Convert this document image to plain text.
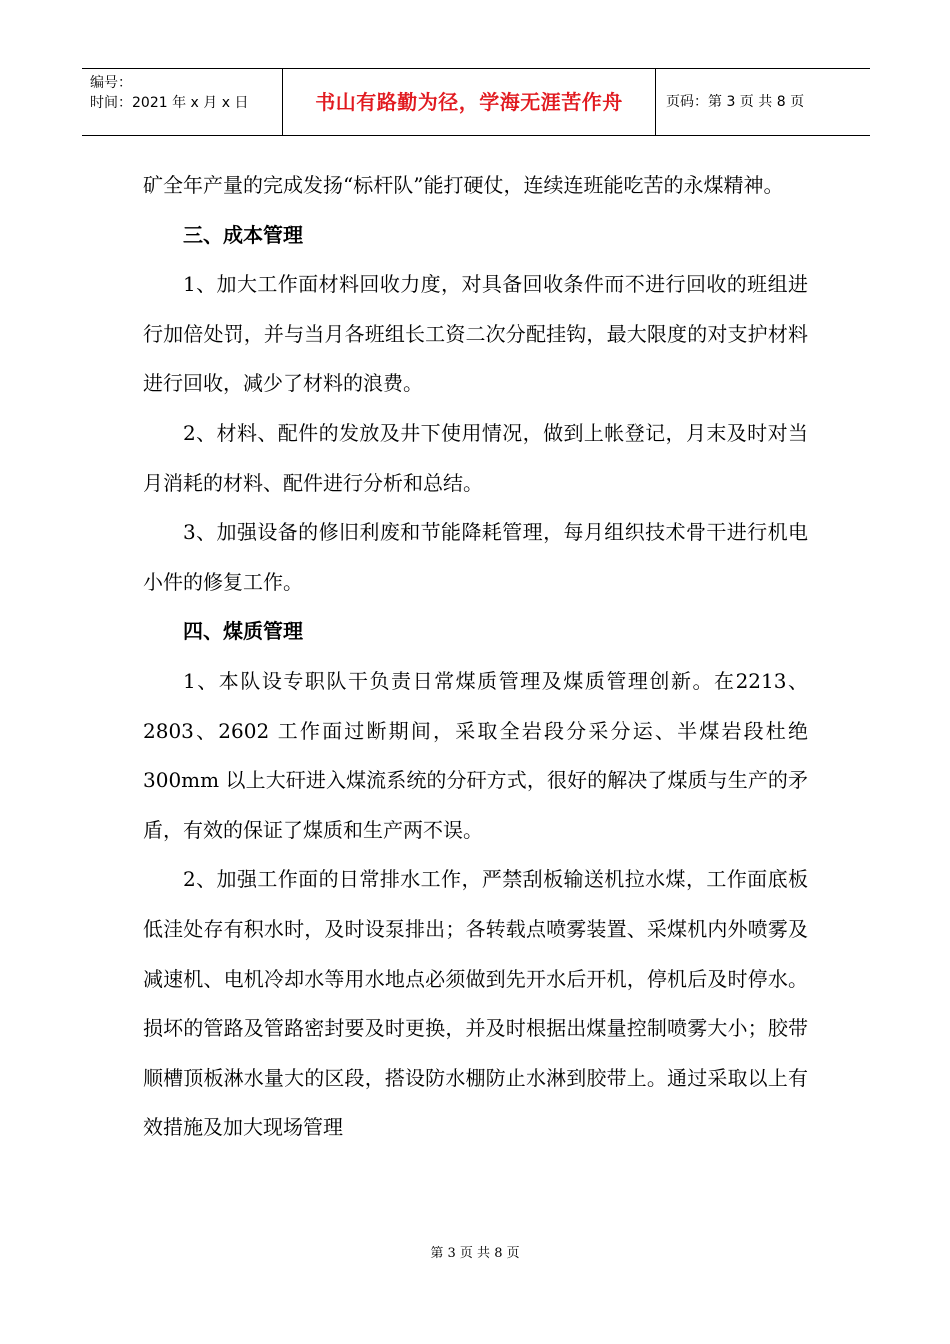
编号：
时间：2021 年 x 月 x 日	书山有路勤为径，学海无涯苦作舟	页码：第 3 页 共 8 页

矿全年产量的完成发扬“标杆队”能打硬仗，连续连班能吃苦的永煤精神。

三、成本管理

1、加大工作面材料回收力度，对具备回收条件而不进行回收的班组进行加倍处罚，并与当月各班组长工资二次分配挂钩，最大限度的对支护材料进行回收，减少了材料的浪费。

2、材料、配件的发放及井下使用情况，做到上帐登记，月末及时对当月消耗的材料、配件进行分析和总结。

3、加强设备的修旧利废和节能降耗管理，每月组织技术骨干进行机电小件的修复工作。

四、煤质管理

1、本队设专职队干负责日常煤质管理及煤质管理创新。在2213、2803、2602 工作面过断期间，采取全岩段分采分运、半煤岩段杜绝 300mm 以上大矸进入煤流系统的分矸方式，很好的解决了煤质与生产的矛盾，有效的保证了煤质和生产两不误。

2、加强工作面的日常排水工作，严禁刮板输送机拉水煤，工作面底板低洼处存有积水时，及时设泵排出；各转载点喷雾装置、采煤机内外喷雾及减速机、电机冷却水等用水地点必须做到先开水后开机，停机后及时停水。损坏的管路及管路密封要及时更换，并及时根据出煤量控制喷雾大小；胶带顺槽顶板淋水量大的区段，搭设防水棚防止水淋到胶带上。通过采取以上有效措施及加大现场管理

第 3 页 共 8 页
